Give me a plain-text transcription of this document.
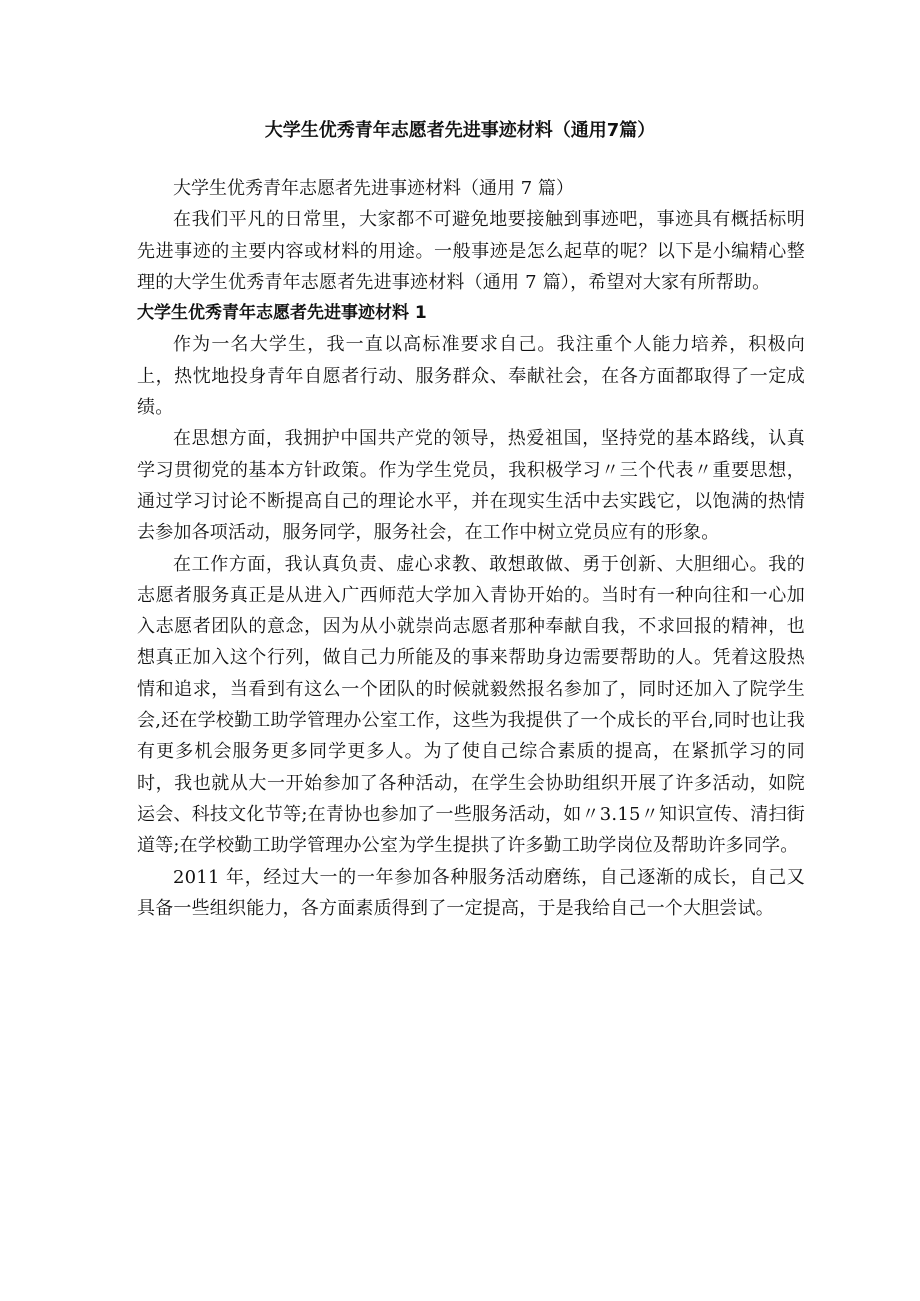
大学生优秀青年志愿者先进事迹材料（通用7篇）

大学生优秀青年志愿者先进事迹材料（通用 7 篇）

在我们平凡的日常里，大家都不可避免地要接触到事迹吧，事迹具有概括标明先进事迹的主要内容或材料的用途。一般事迹是怎么起草的呢？以下是小编精心整理的大学生优秀青年志愿者先进事迹材料（通用 7 篇），希望对大家有所帮助。

大学生优秀青年志愿者先进事迹材料 1

作为一名大学生，我一直以高标准要求自己。我注重个人能力培养，积极向上，热忱地投身青年自愿者行动、服务群众、奉献社会，在各方面都取得了一定成绩。

在思想方面，我拥护中国共产党的领导，热爱祖国，坚持党的基本路线，认真学习贯彻党的基本方针政策。作为学生党员，我积极学习〃三个代表〃重要思想，通过学习讨论不断提高自己的理论水平，并在现实生活中去实践它，以饱满的热情去参加各项活动，服务同学，服务社会，在工作中树立党员应有的形象。

在工作方面，我认真负责、虚心求教、敢想敢做、勇于创新、大胆细心。我的志愿者服务真正是从进入广西师范大学加入青协开始的。当时有一种向往和一心加入志愿者团队的意念，因为从小就崇尚志愿者那种奉献自我，不求回报的精神，也想真正加入这个行列，做自己力所能及的事来帮助身边需要帮助的人。凭着这股热情和追求，当看到有这么一个团队的时候就毅然报名参加了，同时还加入了院学生会,还在学校勤工助学管理办公室工作，这些为我提供了一个成长的平台,同时也让我有更多机会服务更多同学更多人。为了使自己综合素质的提高，在紧抓学习的同时，我也就从大一开始参加了各种活动，在学生会协助组织开展了许多活动，如院运会、科技文化节等;在青协也参加了一些服务活动，如〃3.15〃知识宣传、清扫街道等;在学校勤工助学管理办公室为学生提拱了许多勤工助学岗位及帮助许多同学。

2011 年，经过大一的一年参加各种服务活动磨练，自己逐渐的成长，自己又具备一些组织能力，各方面素质得到了一定提高，于是我给自己一个大胆尝试。
